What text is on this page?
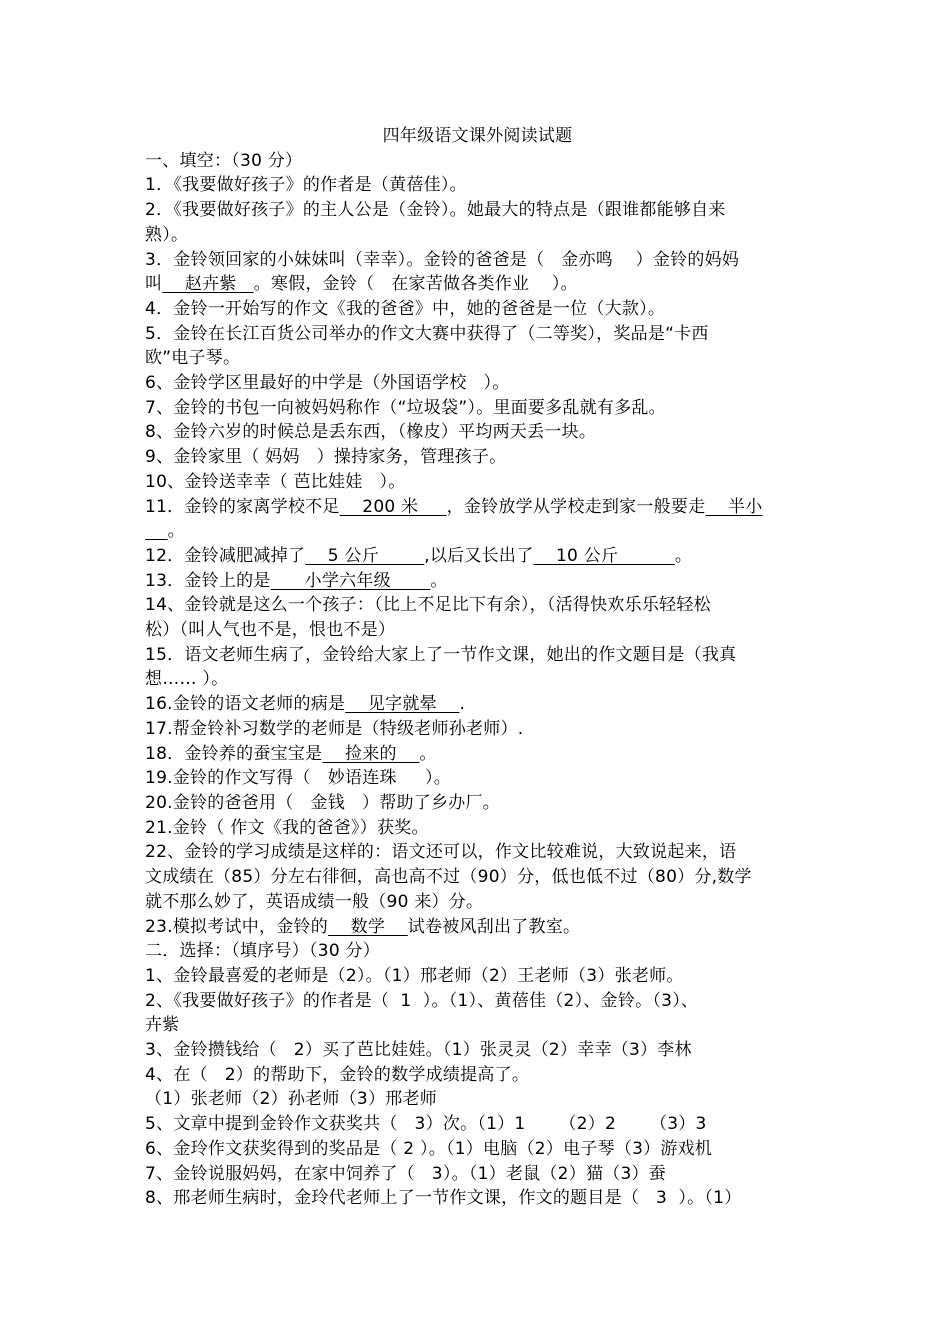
四年级语文课外阅读试题

一、填空：（30 分）

1．《我要做好孩子》的作者是（黄蓓佳）。

2．《我要做好孩子》的主人公是（金铃）。她最大的特点是（跟谁都能够自来

熟）。

3．金铃领回家的小妹妹叫（幸幸）。金铃的爸爸是（   金亦鸣    ）金铃的妈妈

叫    赵卉紫   。寒假，金铃（   在家苦做各类作业    ）。

4．金铃一开始写的作文《我的爸爸》中，她的爸爸是一位（大款）。

5．金铃在长江百货公司举办的作文大赛中获得了（二等奖），奖品是“卡西

欧”电子琴。

6、金铃学区里最好的中学是（外国语学校   ）。

7、金铃的书包一向被妈妈称作（“垃圾袋”）。里面要多乱就有多乱。

8、金铃六岁的时候总是丢东西，（橡皮）平均两天丢一块。

9、金铃家里（ 妈妈   ）操持家务，管理孩子。

10、金铃送幸幸（ 芭比娃娃   ）。

11．金铃的家离学校不足    200 米     ，金铃放学从学校走到家一般要走    半小

。

12．金铃减肥减掉了    5 公斤        ,以后又长出了    10 公斤          。

13．金铃上的是      小学六年级       。

14、金铃就是这么一个孩子：（比上不足比下有余），（活得快欢乐乐轻轻松

松）（叫人气也不是，恨也不是）

15．语文老师生病了，金铃给大家上了一节作文课，她出的作文题目是（我真

想…… ）。

16.金铃的语文老师的病是    见字就晕    .

17.帮金铃补习数学的老师是（特级老师孙老师）.

18．金铃养的蚕宝宝是    捡来的    。

19.金铃的作文写得（   妙语连珠     ）。

20.金铃的爸爸用（   金钱   ）帮助了乡办厂。

21.金铃（ 作文《我的爸爸》）获奖。

22、金铃的学习成绩是这样的：语文还可以，作文比较难说，大致说起来，语

文成绩在（85）分左右徘徊，高也高不过（90）分，低也低不过（80）分,数学

就不那么妙了，英语成绩一般（90 来）分。

23.模拟考试中，金铃的    数学    试卷被风刮出了教室。

二．选择：（填序号）（30 分）

1、金铃最喜爱的老师是（2）。（1）邢老师（2）王老师（3）张老师。

2、《我要做好孩子》的作者是（  1  ）。（1）、黄蓓佳（2）、金铃。（3）、

卉紫

3、金铃攒钱给（   2）买了芭比娃娃。（1）张灵灵（2）幸幸（3）李林

4、在（   2）的帮助下，金铃的数学成绩提高了。

（1）张老师（2）孙老师（3）邢老师

5、文章中提到金铃作文获奖共（   3）次。（1）1      （2）2      （3）3

6、金玲作文获奖得到的奖品是（ 2 ）。（1）电脑（2）电子琴（3）游戏机

7、金铃说服妈妈，在家中饲养了（   3）。（1）老鼠（2）猫（3）蚕

8、邢老师生病时，金玲代老师上了一节作文课，作文的题目是（   3  ）。（1）
